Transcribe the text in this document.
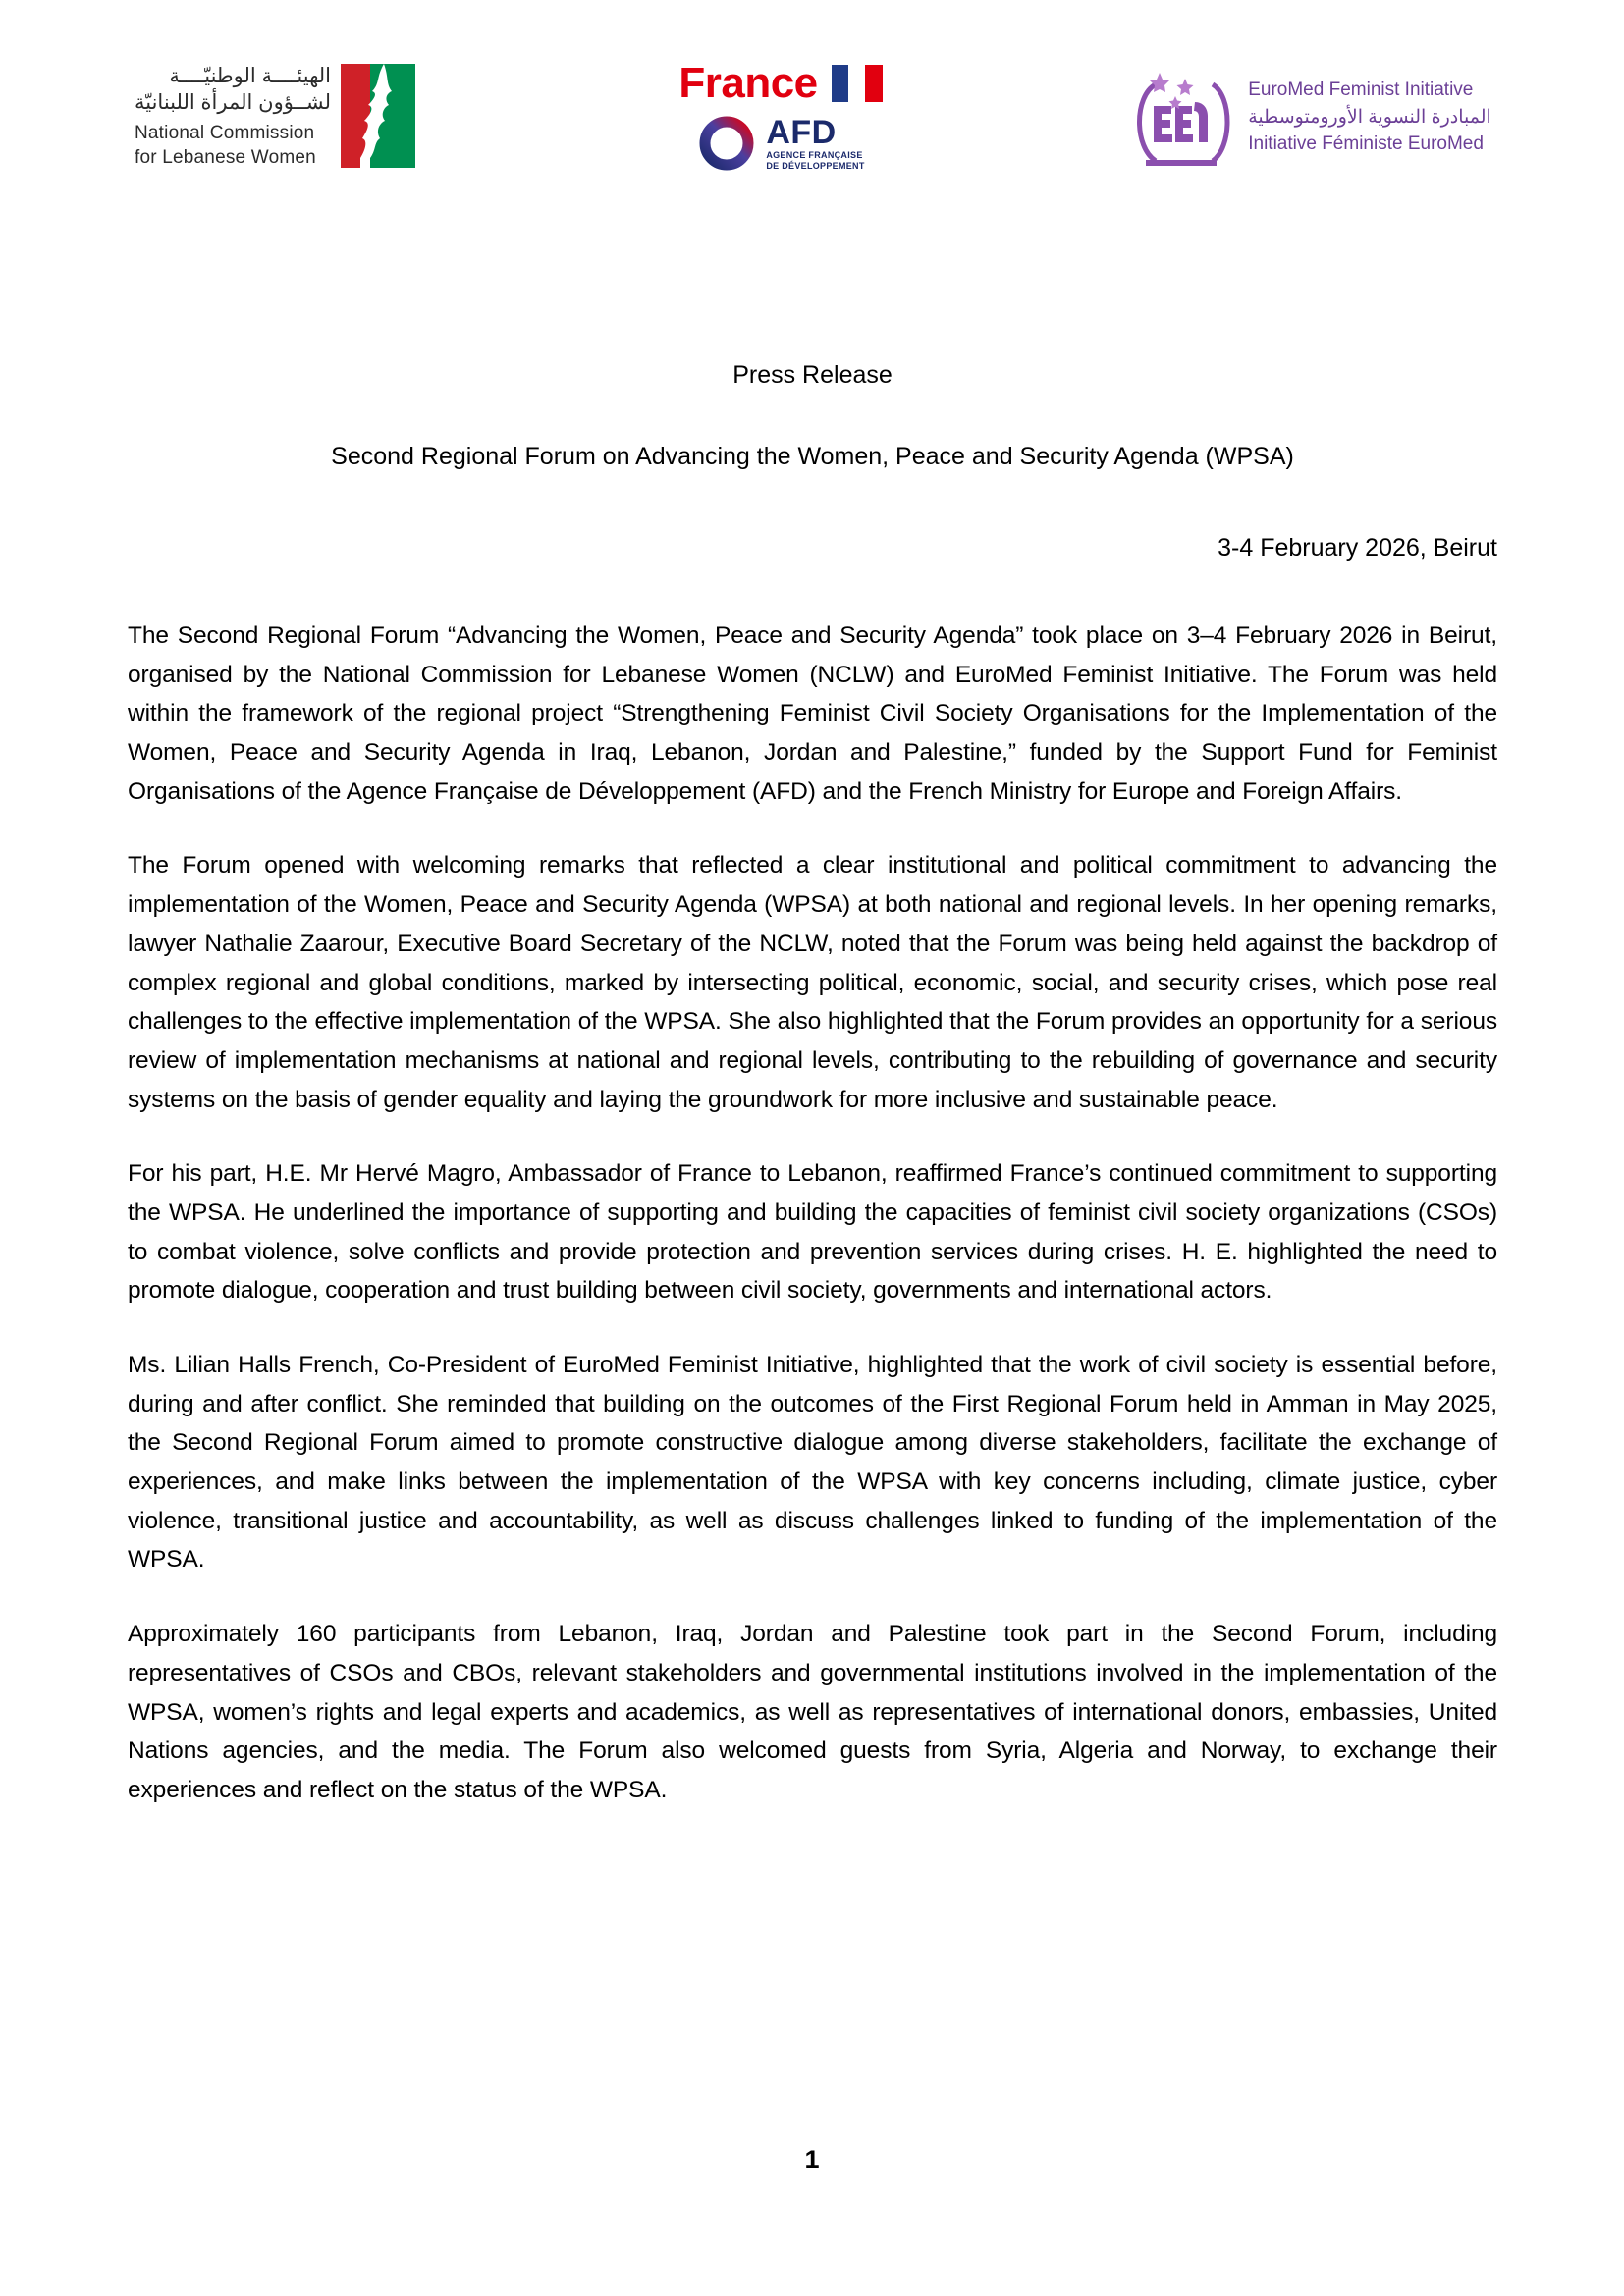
الهيئــــة الوطنيّــــة
لشــؤون المرأة اللبنانيّة
National Commission
for Lebanese Women
France
AFD
AGENCE FRANÇAISE
DE DÉVELOPPEMENT
EuroMed Feminist Initiative
المبادرة النسوية الأورومتوسطية
Initiative Féministe EuroMed
Press Release
Second Regional Forum on Advancing the Women, Peace and Security Agenda (WPSA)
3-4 February 2026, Beirut

The Second Regional Forum “Advancing the Women, Peace and Security Agenda” took place on 3–4 February 2026 in Beirut, organised by the National Commission for Lebanese Women (NCLW) and EuroMed Feminist Initiative. The Forum was held within the framework of the regional project “Strengthening Feminist Civil Society Organisations for the Implementation of the Women, Peace and Security Agenda in Iraq, Lebanon, Jordan and Palestine,” funded by the Support Fund for Feminist Organisations of the Agence Française de Développement (AFD) and the French Ministry for Europe and Foreign Affairs.

The Forum opened with welcoming remarks that reflected a clear institutional and political commitment to advancing the implementation of the Women, Peace and Security Agenda (WPSA) at both national and regional levels. In her opening remarks, lawyer Nathalie Zaarour, Executive Board Secretary of the NCLW, noted that the Forum was being held against the backdrop of complex regional and global conditions, marked by intersecting political, economic, social, and security crises, which pose real challenges to the effective implementation of the WPSA. She also highlighted that the Forum provides an opportunity for a serious review of implementation mechanisms at national and regional levels, contributing to the rebuilding of governance and security systems on the basis of gender equality and laying the groundwork for more inclusive and sustainable peace.

For his part, H.E. Mr Hervé Magro, Ambassador of France to Lebanon, reaffirmed France’s continued commitment to supporting the WPSA. He underlined the importance of supporting and building the capacities of feminist civil society organizations (CSOs) to combat violence, solve conflicts and provide protection and prevention services during crises. H. E. highlighted the need to promote dialogue, cooperation and trust building between civil society, governments and international actors.

Ms. Lilian Halls French, Co-President of EuroMed Feminist Initiative, highlighted that the work of civil society is essential before, during and after conflict. She reminded that building on the outcomes of the First Regional Forum held in Amman in May 2025, the Second Regional Forum aimed to promote constructive dialogue among diverse stakeholders, facilitate the exchange of experiences, and make links between the implementation of the WPSA with key concerns including, climate justice, cyber violence, transitional justice and accountability, as well as discuss challenges linked to funding of the implementation of the WPSA.

Approximately 160 participants from Lebanon, Iraq, Jordan and Palestine took part in the Second Forum, including representatives of CSOs and CBOs, relevant stakeholders and governmental institutions involved in the implementation of the WPSA, women’s rights and legal experts and academics, as well as representatives of international donors, embassies, United Nations agencies, and the media. The Forum also welcomed guests from Syria, Algeria and Norway, to exchange their experiences and reflect on the status of the WPSA.

1
